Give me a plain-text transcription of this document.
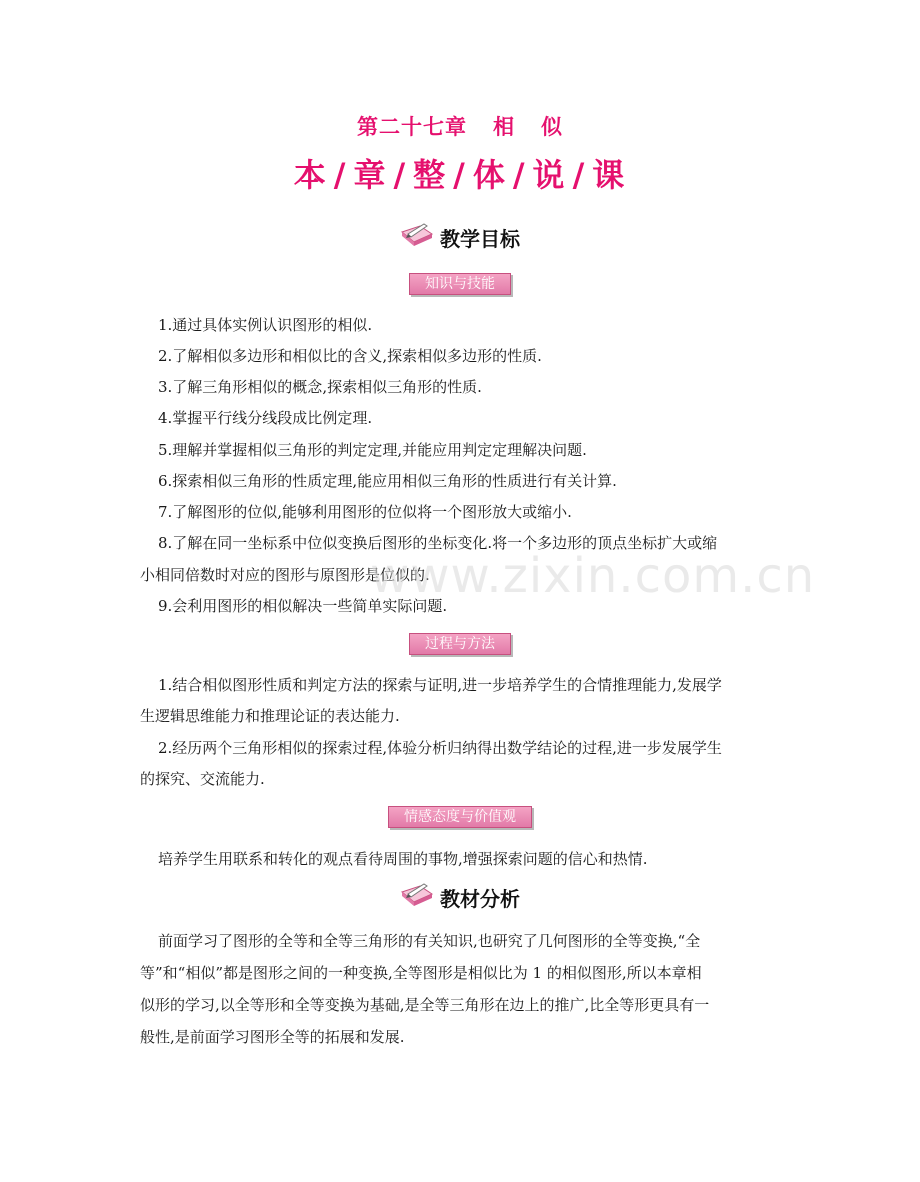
第二十七章 相 似
本 / 章 / 整 / 体 / 说 / 课
教学目标
知识与技能
1.通过具体实例认识图形的相似.
2.了解相似多边形和相似比的含义,探索相似多边形的性质.
3.了解三角形相似的概念,探索相似三角形的性质.
4.掌握平行线分线段成比例定理.
5.理解并掌握相似三角形的判定定理,并能应用判定定理解决问题.
6.探索相似三角形的性质定理,能应用相似三角形的性质进行有关计算.
7.了解图形的位似,能够利用图形的位似将一个图形放大或缩小.
8.了解在同一坐标系中位似变换后图形的坐标变化.将一个多边形的顶点坐标扩大或缩
小相同倍数时对应的图形与原图形是位似的.
9.会利用图形的相似解决一些简单实际问题.
过程与方法
1.结合相似图形性质和判定方法的探索与证明,进一步培养学生的合情推理能力,发展学
生逻辑思维能力和推理论证的表达能力.
2.经历两个三角形相似的探索过程,体验分析归纳得出数学结论的过程,进一步发展学生
的探究、交流能力.
情感态度与价值观
培养学生用联系和转化的观点看待周围的事物,增强探索问题的信心和热情.
教材分析
前面学习了图形的全等和全等三角形的有关知识,也研究了几何图形的全等变换,“全
等”和“相似”都是图形之间的一种变换,全等图形是相似比为 1 的相似图形,所以本章相
似形的学习,以全等形和全等变换为基础,是全等三角形在边上的推广,比全等形更具有一
般性,是前面学习图形全等的拓展和发展.
www.zixin.com.cn
